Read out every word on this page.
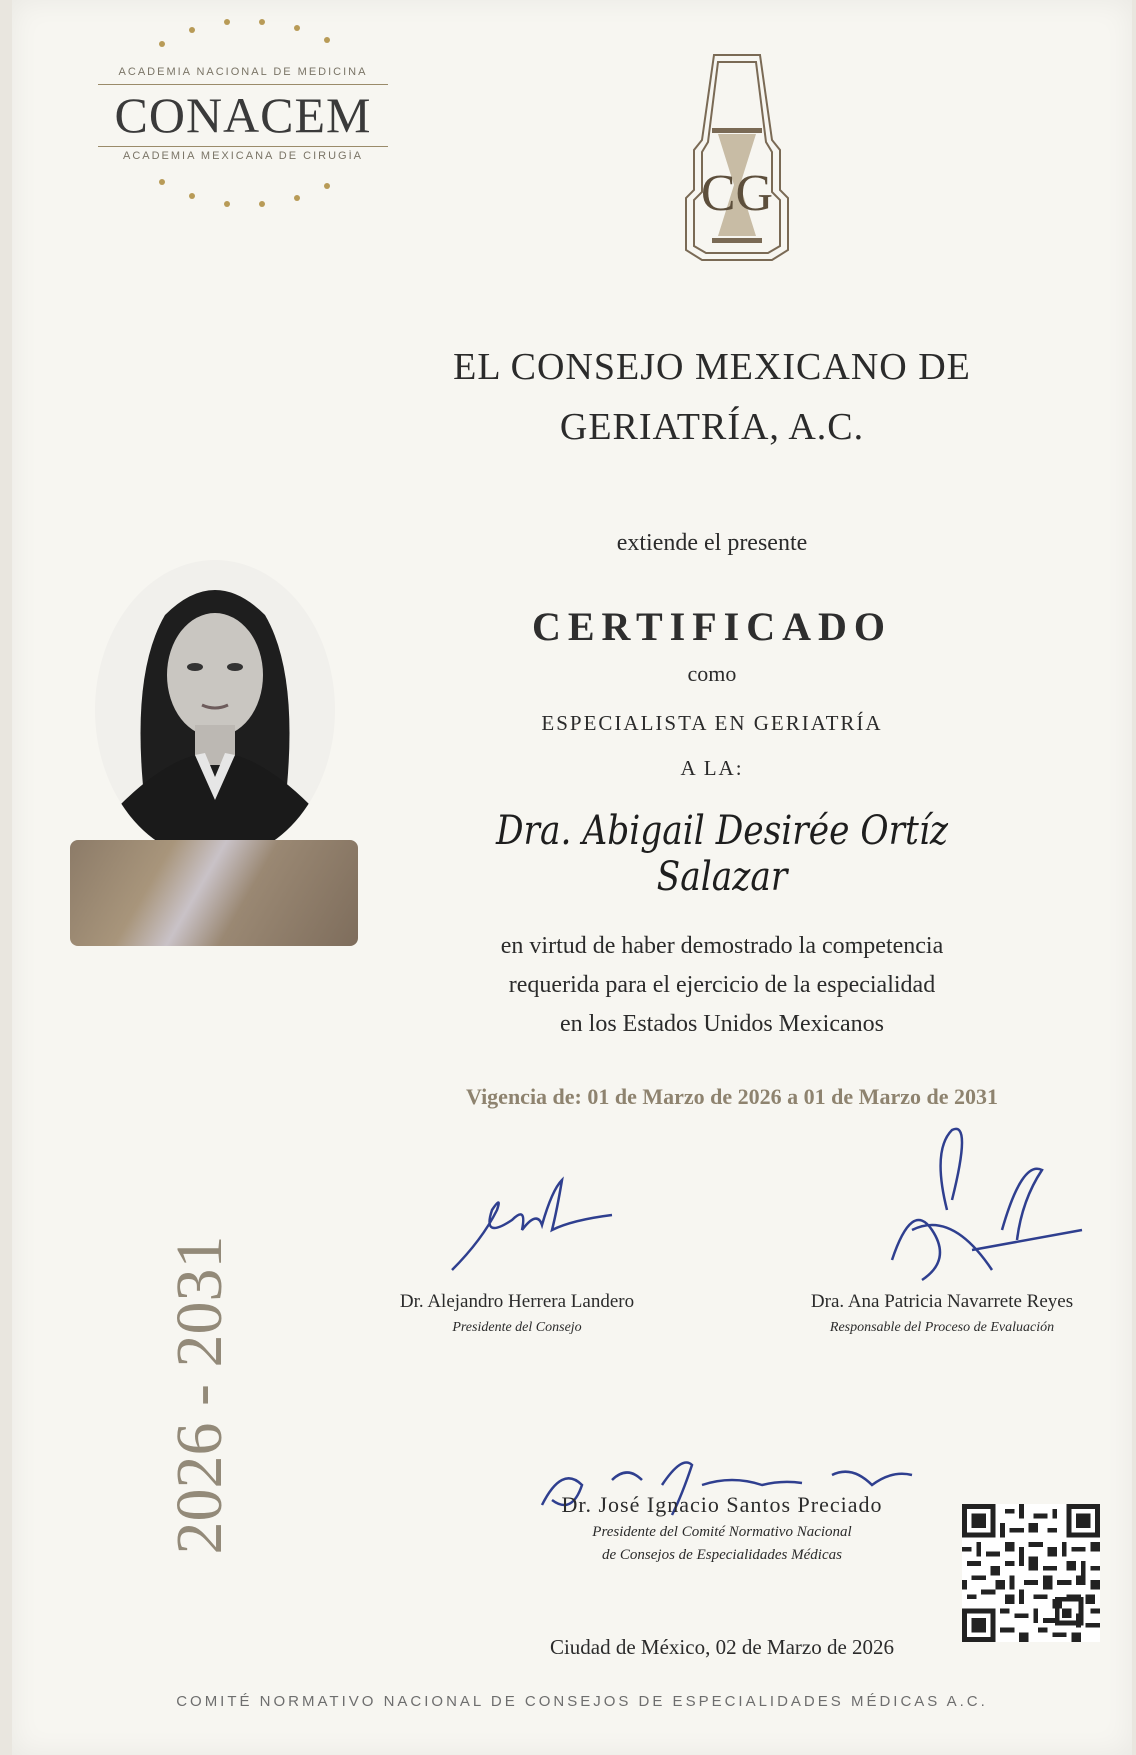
ACADEMIA NACIONAL DE MEDICINA
CONACEM
ACADEMIA MEXICANA DE CIRUGÍA
CG
EL CONSEJO MEXICANO DE
GERIATRÍA, A.C.
extiende el presente
CERTIFICADO
como
ESPECIALISTA EN GERIATRÍA
A LA:
Dra. Abigail Desirée Ortíz Salazar
en virtud de haber demostrado la competencia
requerida para el ejercicio de la especialidad
en los Estados Unidos Mexicanos
Vigencia de: 01 de Marzo de 2026 a 01 de Marzo de 2031
2026 - 2031	Dr. Alejandro Herrera Landero
Presidente del Consejo
Dra. Ana Patricia Navarrete Reyes
Responsable del Proceso de Evaluación
Dr. José Ignacio Santos Preciado
Presidente del Comité Normativo Nacional
de Consejos de Especialidades Médicas
Ciudad de México, 02 de Marzo de 2026
COMITÉ NORMATIVO NACIONAL DE CONSEJOS DE ESPECIALIDADES MÉDICAS A.C.
